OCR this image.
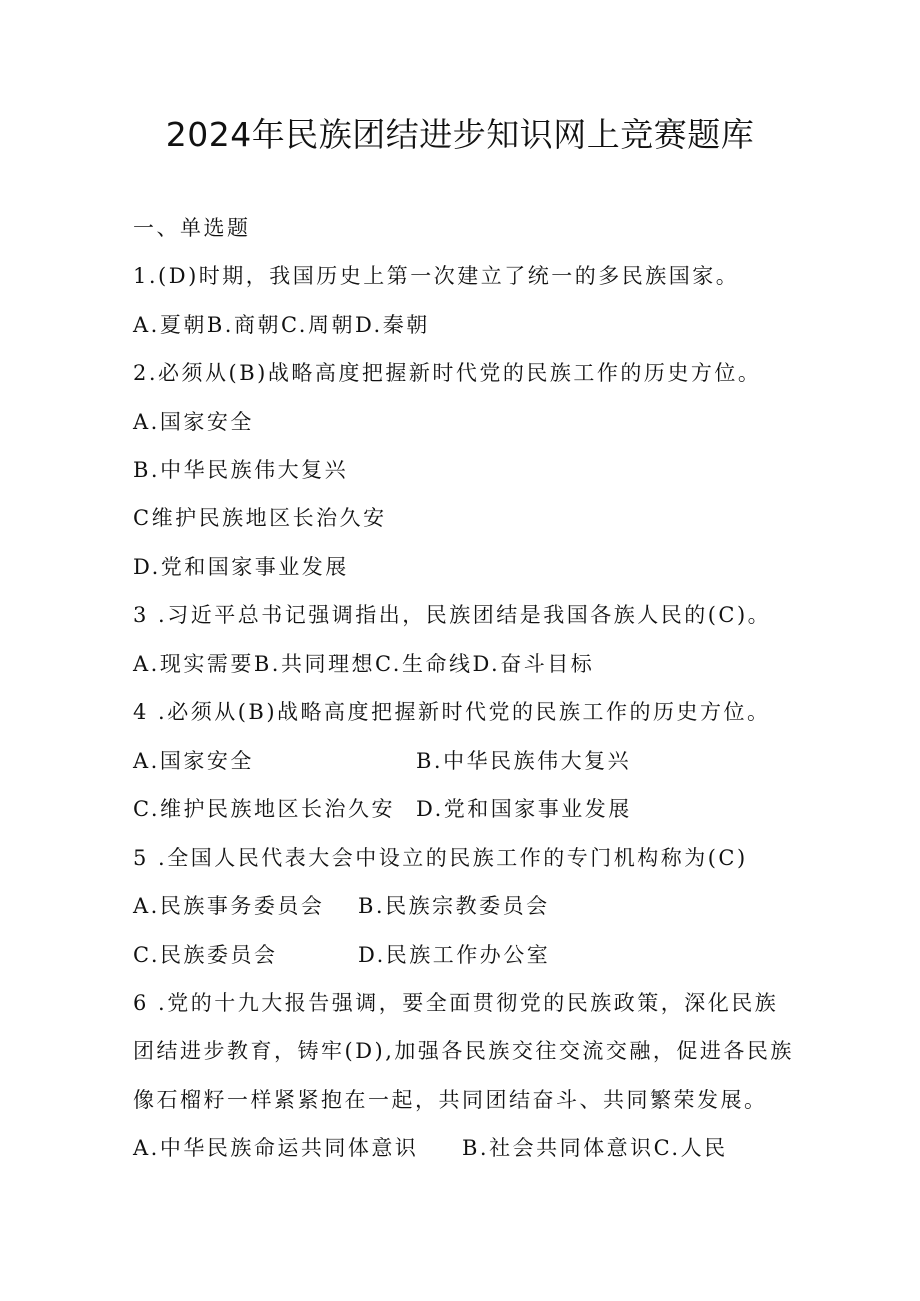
2024年民族团结进步知识网上竞赛题库
一、单选题
1.(D)时期，我国历史上第一次建立了统一的多民族国家。
A.夏朝B.商朝C.周朝D.秦朝
2.必须从(B)战略高度把握新时代党的民族工作的历史方位。
A.国家安全
B.中华民族伟大复兴
C维护民族地区长治久安
D.党和国家事业发展
3 .习近平总书记强调指出，民族团结是我国各族人民的(C)。
A.现实需要B.共同理想C.生命线D.奋斗目标
4 .必须从(B)战略高度把握新时代党的民族工作的历史方位。
A.国家安全	B.中华民族伟大复兴
C.维护民族地区长治久安 D.党和国家事业发展
5 .全国人民代表大会中设立的民族工作的专门机构称为(C)
A.民族事务委员会 B.民族宗教委员会
C.民族委员会	D.民族工作办公室
6 .党的十九大报告强调，要全面贯彻党的民族政策，深化民族
团结进步教育，铸牢(D),加强各民族交往交流交融，促进各民族
像石榴籽一样紧紧抱在一起，共同团结奋斗、共同繁荣发展。
A.中华民族命运共同体意识 B.社会共同体意识C.人民
